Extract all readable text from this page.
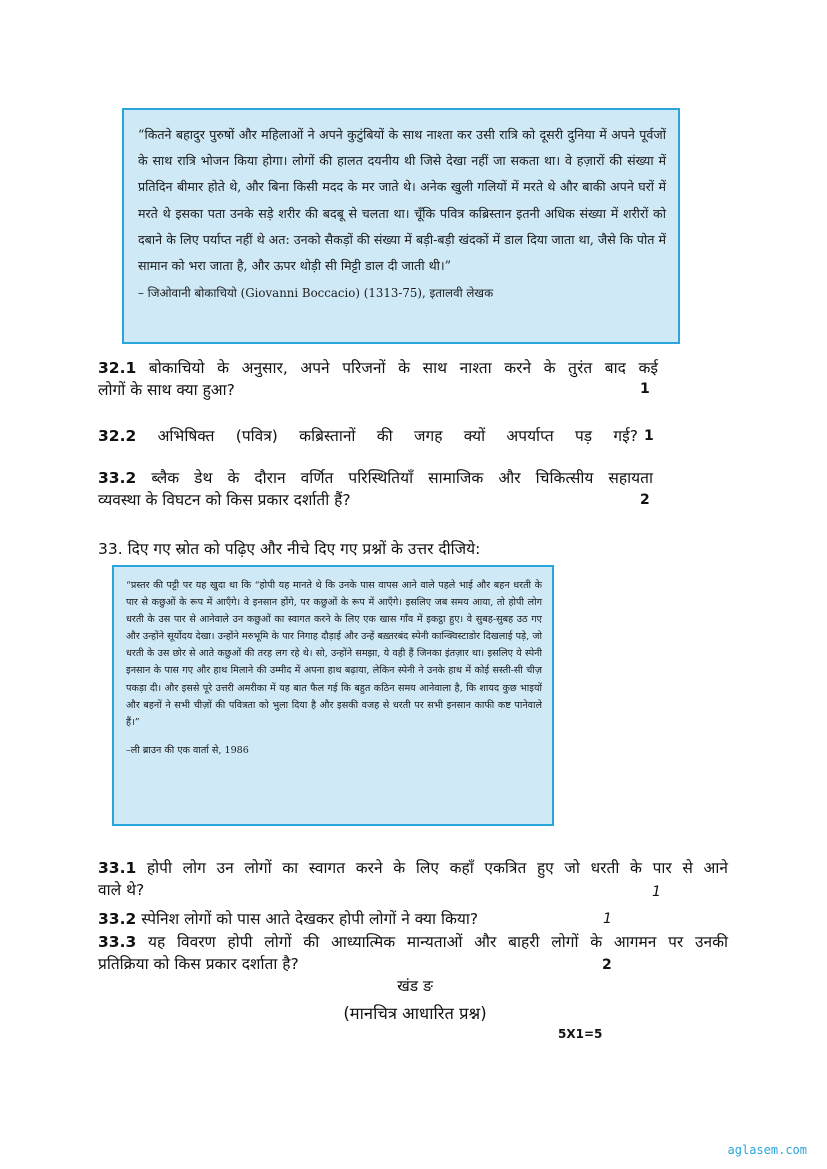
“कितने बहादुर पुरुषों और महिलाओं ने अपने कुटुंबियों के साथ नाश्ता कर उसी रात्रि को दूसरी दुनिया में अपने पूर्वजों के साथ रात्रि भोजन किया होगा। लोगों की हालत दयनीय थी जिसे देखा नहीं जा सकता था। वे हज़ारों की संख्या में प्रतिदिन बीमार होते थे, और बिना किसी मदद के मर जाते थे। अनेक खुली गलियों में मरते थे और बाकी अपने घरों में मरते थे इसका पता उनके सड़े शरीर की बदबू से चलता था। चूँकि पवित्र कब्रिस्तान इतनी अधिक संख्या में शरीरों को दबाने के लिए पर्याप्त नहीं थे अत: उनको सैकड़ों की संख्या में बड़ी-बड़ी खंदकों में डाल दिया जाता था, जैसे कि पोत में सामान को भरा जाता है, और ऊपर थोड़ी सी मिट्टी डाल दी जाती थी।”

– जिओवानी बोकाचियो (Giovanni Boccacio) (1313-75), इतालवी लेखक
32.1 बोकाचियो के अनुसार, अपने परिजनों के साथ नाश्ता करने के तुरंत बाद कई
लोगों के साथ क्या हुआ?	1
32.2 अभिषिक्त (पवित्र) कब्रिस्तानों की जगह क्यों अपर्याप्त पड़ गई? 1
33.2 ब्लैक डेथ के दौरान वर्णित परिस्थितियाँ सामाजिक और चिकित्सीय सहायता
व्यवस्था के विघटन को किस प्रकार दर्शाती हैं?	2
33. दिए गए स्रोत को पढ़िए और नीचे दिए गए प्रश्नों के उत्तर दीजिये:

“प्रस्तर की पट्टी पर यह खुदा था कि “होपी यह मानते थे कि उनके पास वापस आने वाले पहले भाई और बहन धरती के पार से कछुओं के रूप में आएँगे। वे इनसान होंगे, पर कछुओं के रूप में आएँगे। इसलिए जब समय आया, तो होपी लोग धरती के उस पार से आनेवाले उन कछुओं का स्वागत करने के लिए एक खास गाँव में इकट्ठा हुए। वे सुबह-सुबह उठ गए और उन्होंने सूर्योदय देखा। उन्होंने मरुभूमि के पार निगाह दौड़ाई और उन्हें बख़्तरबंद स्पेनी कान्क्विस्टाडोर दिखलाई पड़े, जो धरती के उस छोर से आते कछुओं की तरह लग रहे थे। सो, उन्होंने समझा, ये वही हैं जिनका इंतज़ार था। इसलिए ये स्पेनी इनसान के पास गए और हाथ मिलाने की उम्मीद में अपना हाथ बढ़ाया, लेकिन स्पेनी ने उनके हाथ में कोई सस्ती-सी चीज़ पकड़ा दी। और इससे पूरे उत्तरी अमरीका में यह बात फैल गई कि बहुत कठिन समय आनेवाला है, कि शायद कुछ भाइयों और बहनों ने सभी चीज़ों की पवित्रता को भुला दिया है और इसकी वजह से धरती पर सभी इनसान काफी कष्ट पानेवाले हैं।”

–ली ब्राउन की एक वार्ता से, 1986
33.1 होपी लोग उन लोगों का स्वागत करने के लिए कहाँ एकत्रित हुए जो धरती के पार से आने
वाले थे?	1
33.2 स्पेनिश लोगों को पास आते देखकर होपी लोगों ने क्या किया?	1
33.3 यह विवरण होपी लोगों की आध्यात्मिक मान्यताओं और बाहरी लोगों के आगमन पर उनकी
प्रतिक्रिया को किस प्रकार दर्शाता है?	2
खंड ङ
(मानचित्र आधारित प्रश्न)
5X1=5
aglasem.com
